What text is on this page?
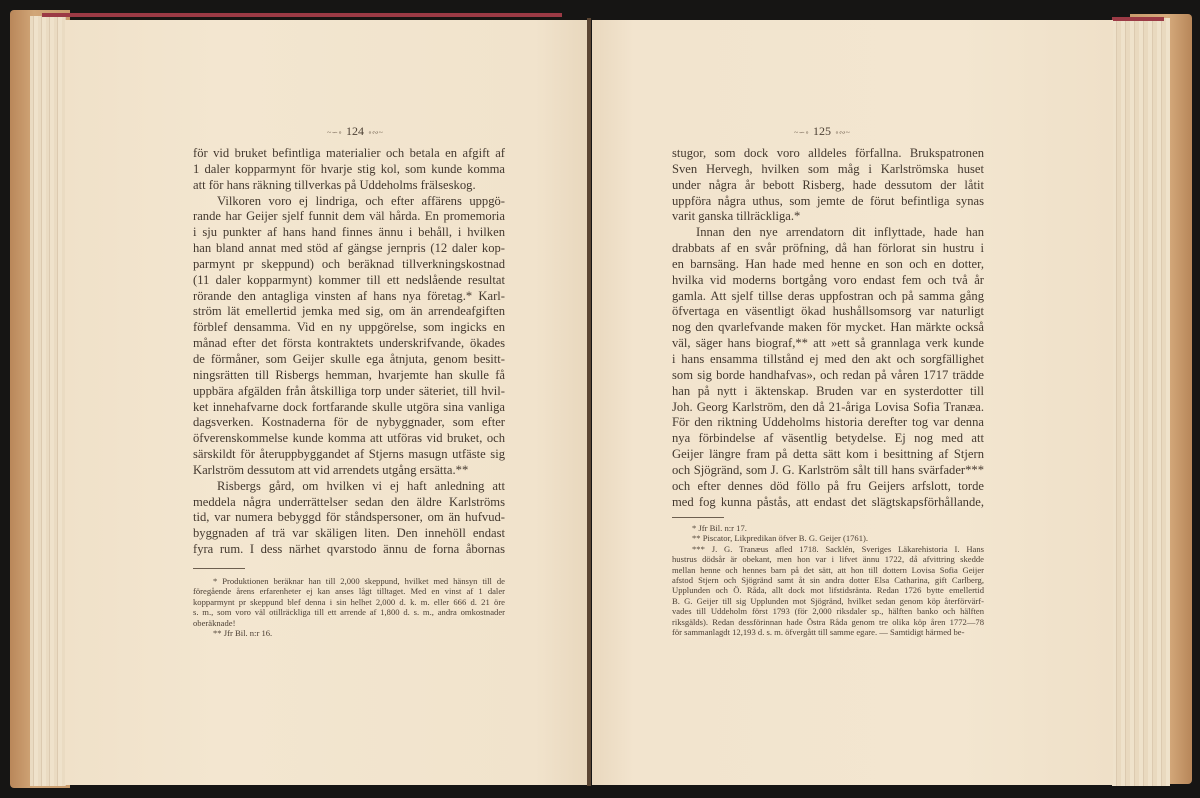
~∽∘ 124 ∘∾~
för vid bruket befintliga materialier och betala en afgift af
1 daler kopparmynt för hvarje stig kol, som kunde komma
att för hans räkning tillverkas på Uddeholms frälseskog.
Vilkoren voro ej lindriga, och efter affärens uppgö-
rande har Geijer sjelf funnit dem väl hårda. En promemoria
i sju punkter af hans hand finnes ännu i behåll, i hvilken
han bland annat med stöd af gängse jernpris (12 daler kop-
parmynt pr skeppund) och beräknad tillverkningskostnad
(11 daler kopparmynt) kommer till ett nedslående resultat
rörande den antagliga vinsten af hans nya företag.* Karl-
ström lät emellertid jemka med sig, om än arrendeafgiften
förblef densamma. Vid en ny uppgörelse, som ingicks en
månad efter det första kontraktets underskrifvande, ökades
de förmåner, som Geijer skulle ega åtnjuta, genom besitt-
ningsrätten till Risbergs hemman, hvarjemte han skulle få
uppbära afgälden från åtskilliga torp under säteriet, till hvil-
ket innehafvarne dock fortfarande skulle utgöra sina vanliga
dagsverken. Kostnaderna för de nybyggnader, som efter
öfverenskommelse kunde komma att utföras vid bruket, och
särskildt för återuppbyggandet af Stjerns masugn utfäste sig
Karlström dessutom att vid arrendets utgång ersätta.**
Risbergs gård, om hvilken vi ej haft anledning att
meddela några underrättelser sedan den äldre Karlströms
tid, var numera bebyggd för ståndspersoner, om än hufvud-
byggnaden af trä var skäligen liten. Den innehöll endast
fyra rum. I dess närhet qvarstodo ännu de forna åbornas
* Produktionen beräknar han till 2,000 skeppund, hvilket med hänsyn till de
föregående årens erfarenheter ej kan anses lågt tilltaget. Med en vinst af 1 daler
kopparmynt pr skeppund blef denna i sin helhet 2,000 d. k. m. eller 666 d. 21 öre
s. m., som voro väl otillräckliga till ett arrende af 1,800 d. s. m., andra omkostnader
oberäknade!
** Jfr Bil. n:r 16.
~∽∘ 125 ∘∾~
stugor, som dock voro alldeles förfallna. Brukspatronen
Sven Hervegh, hvilken som måg i Karlströmska huset
under några år bebott Risberg, hade dessutom der låtit
uppföra några uthus, som jemte de förut befintliga synas
varit ganska tillräckliga.*
Innan den nye arrendatorn dit inflyttade, hade han
drabbats af en svår pröfning, då han förlorat sin hustru i
en barnsäng. Han hade med henne en son och en dotter,
hvilka vid moderns bortgång voro endast fem och två år
gamla. Att sjelf tillse deras uppfostran och på samma gång
öfvertaga en väsentligt ökad hushållsomsorg var naturligt
nog den qvarlefvande maken för mycket. Han märkte också
väl, säger hans biograf,** att »ett så grannlaga verk kunde
i hans ensamma tillstånd ej med den akt och sorgfällighet
som sig borde handhafvas», och redan på våren 1717 trädde
han på nytt i äktenskap. Bruden var en systerdotter till
Joh. Georg Karlström, den då 21-åriga Lovisa Sofia Tranæa.
För den riktning Uddeholms historia derefter tog var denna
nya förbindelse af väsentlig betydelse. Ej nog med att
Geijer längre fram på detta sätt kom i besittning af Stjern
och Sjögränd, som J. G. Karlström sålt till hans svärfader***
och efter dennes död föllo på fru Geijers arfslott, torde
med fog kunna påstås, att endast det slägtskapsförhållande,
* Jfr Bil. n:r 17.
** Piscator, Likpredikan öfver B. G. Geijer (1761).
*** J. G. Tranæus afled 1718. Sacklén, Sveriges Läkarehistoria I. Hans
hustrus dödsår är obekant, men hon var i lifvet ännu 1722, då afvittring skedde
mellan henne och hennes barn på det sätt, att hon till dottern Lovisa Sofia Geijer
afstod Stjern och Sjögränd samt åt sin andra dotter Elsa Catharina, gift Carlberg,
Upplunden och Ö. Råda, allt dock mot lifstidsränta. Redan 1726 bytte emellertid
B. G. Geijer till sig Upplunden mot Sjögränd, hvilket sedan genom köp återförvärf-
vades till Uddeholm först 1793 (för 2,000 riksdaler sp., hälften banko och hälften
riksgälds). Redan dessförinnan hade Östra Råda genom tre olika köp åren 1772—78
för sammanlagdt 12,193 d. s. m. öfvergått till samme egare. — Samtidigt härmed be-
